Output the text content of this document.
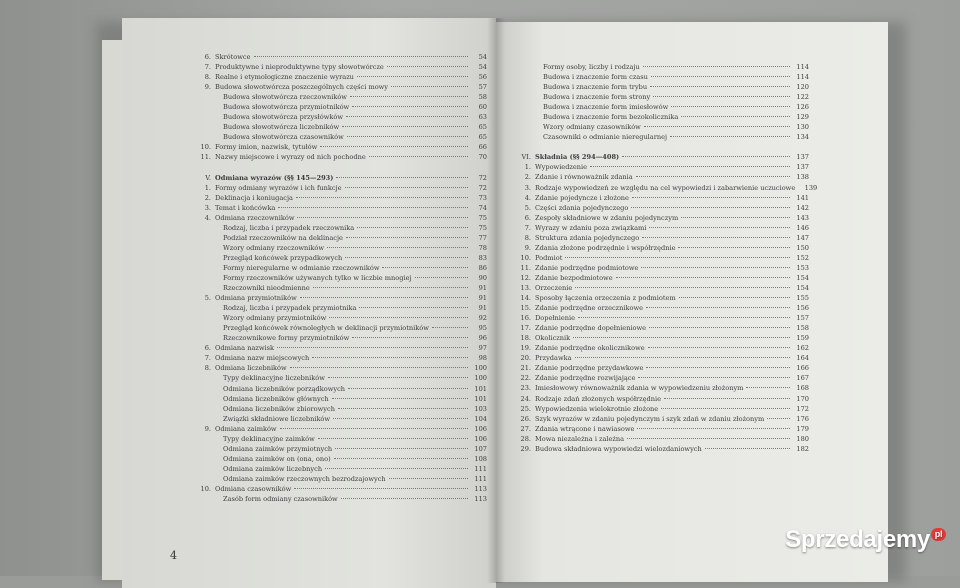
6. Skrótowce	54
7. Produktywne i nieproduktywne typy słowotwórcze	54
8. Realne i etymologiczne znaczenie wyrazu	56
9. Budowa słowotwórcza poszczególnych części mowy	57
Budowa słowotwórcza rzeczowników	58
Budowa słowotwórcza przymiotników	60
Budowa słowotwórcza przysłówków	63
Budowa słowotwórcza liczebników	65
Budowa słowotwórcza czasowników	65
10. Formy imion, nazwisk, tytułów	66
11. Nazwy miejscowe i wyrazy od nich pochodne	70
V. Odmiana wyrazów (§§ 145—293)	72
1. Formy odmiany wyrazów i ich funkcje	72
2. Deklinacja i koniugacja	73
3. Temat i końcówka	74
4. Odmiana rzeczowników	75
Rodzaj, liczba i przypadek rzeczownika	75
Podział rzeczowników na deklinacje	77
Wzory odmiany rzeczowników	78
Przegląd końcówek przypadkowych	83
Formy nieregularne w odmianie rzeczowników	86
Formy rzeczowników używanych tylko w liczbie mnogiej	90
Rzeczowniki nieodmienne	91
5. Odmiana przymiotników	91
Rodzaj, liczba i przypadek przymiotnika	91
Wzory odmiany przymiotników	92
Przegląd końcówek równoległych w deklinacji przymiotników	95
Rzeczownikowe formy przymiotników	96
6. Odmiana nazwisk	97
7. Odmiana nazw miejscowych	98
8. Odmiana liczebników	100
Typy deklinacyjne liczebników	100
Odmiana liczebników porządkowych	101
Odmiana liczebników głównych	101
Odmiana liczebników zbiorowych	103
Związki składniowe liczebników	104
9. Odmiana zaimków	106
Typy deklinacyjne zaimków	106
Odmiana zaimków przymiotnych	107
Odmiana zaimków on (ona, ono)	108
Odmiana zaimków liczebnych	111
Odmiana zaimków rzeczownych bezrodzajowych	111
10. Odmiana czasowników	113
Zasób form odmiany czasowników	113
Formy osoby, liczby i rodzaju	114
Budowa i znaczenie form czasu	114
Budowa i znaczenie form trybu	120
Budowa i znaczenie form strony	122
Budowa i znaczenie form imiesłowów	126
Budowa i znaczenie form bezokolicznika	129
Wzory odmiany czasowników	130
Czasowniki o odmianie nieregularnej	134
VI. Składnia (§§ 294—408)	137
1. Wypowiedzenie	137
2. Zdanie i równoważnik zdania	138
3. Rodzaje wypowiedzeń ze względu na cel wypowiedzi i zabarwienie uczuciowe	139
4. Zdanie pojedyncze i złożone	141
5. Części zdania pojedynczego	142
6. Zespoły składniowe w zdaniu pojedynczym	143
7. Wyrazy w zdaniu poza związkami	146
8. Struktura zdania pojedynczego	147
9. Zdania złożone podrzędnie i współrzędnie	150
10. Podmiot	152
11. Zdanie podrzędne podmiotowe	153
12. Zdanie bezpodmiotowe	154
13. Orzeczenie	154
14. Sposoby łączenia orzeczenia z podmiotem	155
15. Zdanie podrzędne orzecznikowe	156
16. Dopełnienie	157
17. Zdanie podrzędne dopełnieniowe	158
18. Okolicznik	159
19. Zdanie podrzędne okolicznikowe	162
20. Przydawka	164
21. Zdanie podrzędne przydawkowe	166
22. Zdanie podrzędne rozwijające	167
23. Imiesłowowy równoważnik zdania w wypowiedzeniu złożonym	168
24. Rodzaje zdań złożonych współrzędnie	170
25. Wypowiedzenia wielokrotnie złożone	172
26. Szyk wyrazów w zdaniu pojedynczym i szyk zdań w zdaniu złożonym	176
27. Zdania wtrącone i nawiasowe	179
28. Mowa niezależna i zależna	180
29. Budowa składniowa wypowiedzi wielozdaniowych	182
4
Sprzedajemy pl
